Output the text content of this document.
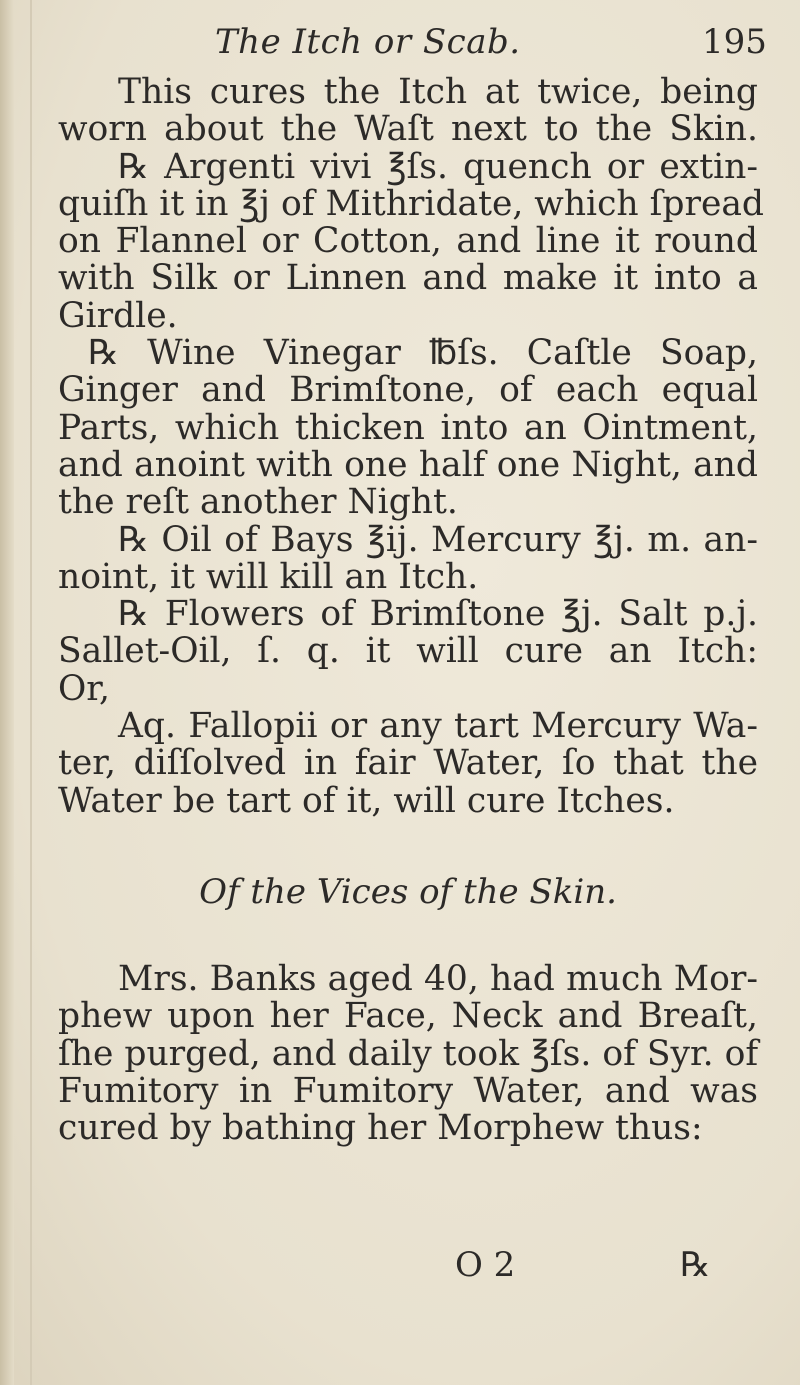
The Itch or Scab.	195
This cures the Itch at twice, being
worn about the Waſt next to the Skin.
℞ Argenti vivi ℥ſs. quench or extin-
quiſh it in ℥j of Mithridate, which ſpread
on Flannel or Cotton, and line it round
with Silk or Linnen and make it into a
Girdle.
℞ Wine Vinegar ℔ſs. Caſtle Soap,
Ginger and Brimſtone, of each equal
Parts, which thicken into an Ointment,
and anoint with one half one Night, and
the reſt another Night.
℞ Oil of Bays ℥ij. Mercury ℥j. m. an-
noint, it will kill an Itch.
℞ Flowers of Brimſtone ℥j. Salt p.j.
Sallet-Oil, ſ. q. it will cure an Itch:
Or,
Aq. Fallopii or any tart Mercury Wa-
ter, diſſolved in fair Water, ſo that the
Water be tart of it, will cure Itches.
Of the Vices of the Skin.
Mrs. Banks aged 40, had much Mor-
phew upon her Face, Neck and Breaſt,
ſhe purged, and daily took ℥ſs. of Syr. of
Fumitory in Fumitory Water, and was
cured by bathing her Morphew thus:
O 2	℞
